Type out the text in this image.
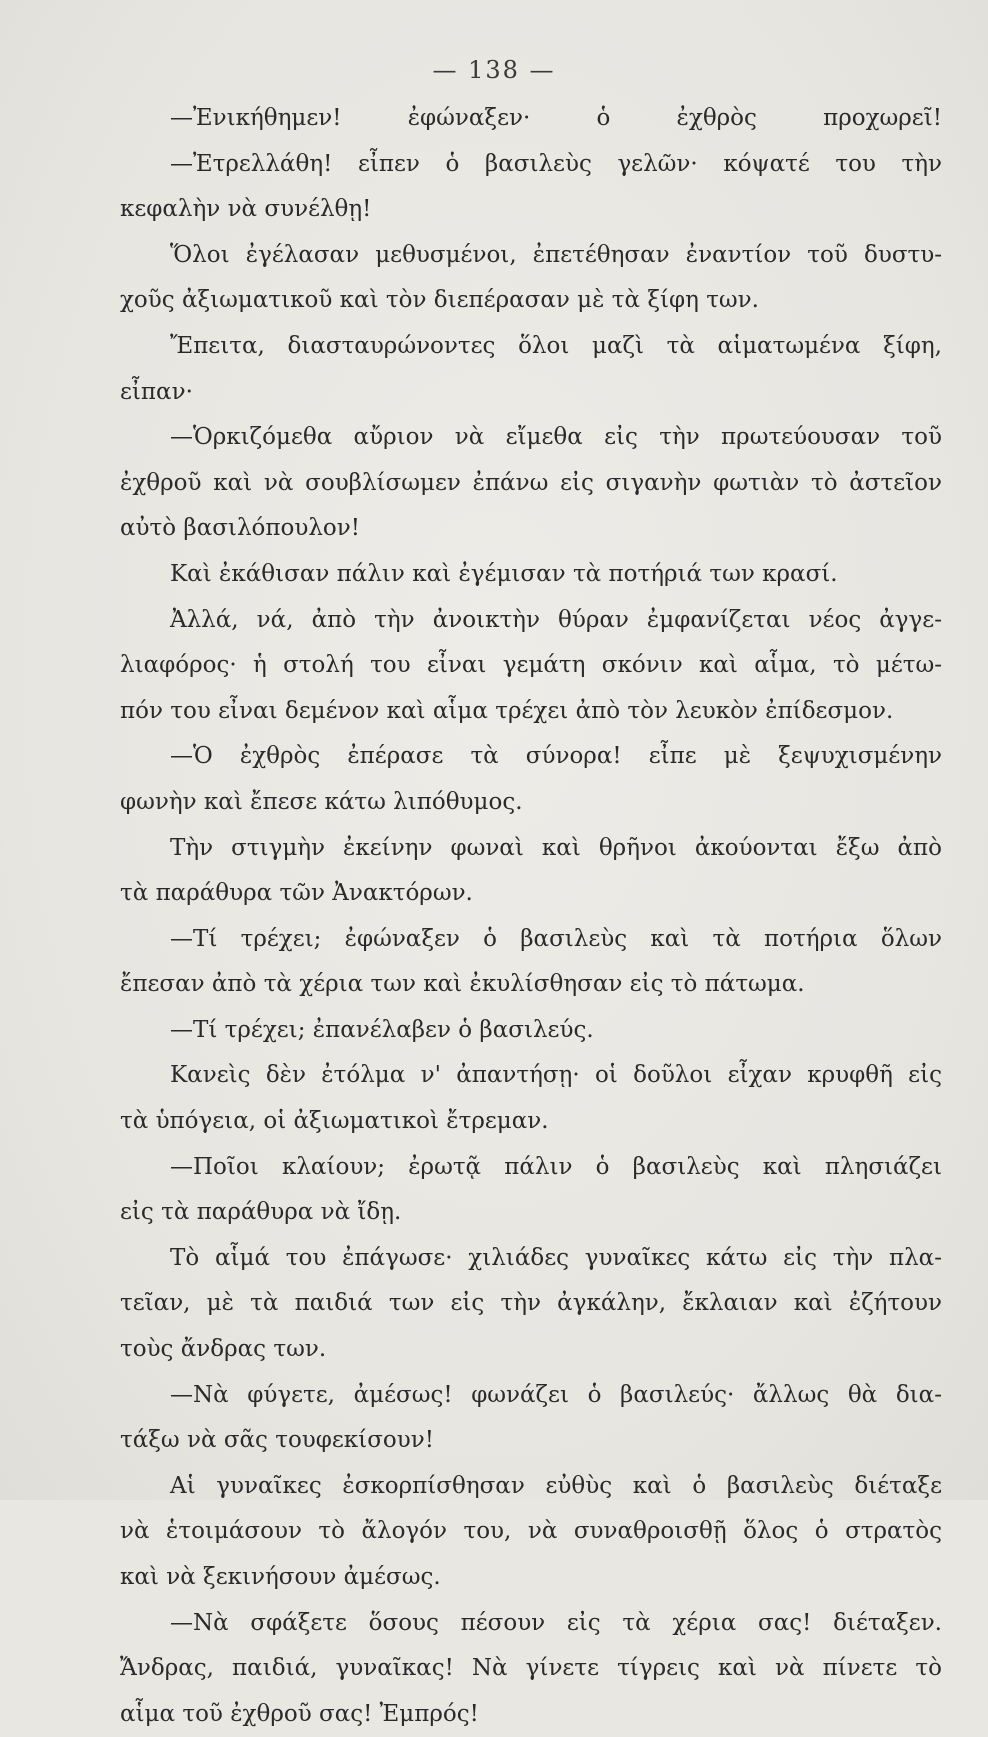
— 138 —
—Ἐνικήθημεν! ἐφώναξεν· ὁ ἐχθρὸς προχωρεῖ!
—Ἐτρελλάθη! εἶπεν ὁ βασιλεὺς γελῶν· κόψατέ του τὴν
κεφαλὴν νὰ συνέλθῃ!
Ὅλοι ἐγέλασαν μεθυσμένοι, ἐπετέθησαν ἐναντίον τοῦ δυστυ-
χοῦς ἀξιωματικοῦ καὶ τὸν διεπέρασαν μὲ τὰ ξίφη των.
Ἔπειτα, διασταυρώνοντες ὅλοι μαζὶ τὰ αἱματωμένα ξίφη,
εἶπαν·
—Ὁρκιζόμεθα αὔριον νὰ εἴμεθα εἰς τὴν πρωτεύουσαν τοῦ
ἐχθροῦ καὶ νὰ σουβλίσωμεν ἐπάνω εἰς σιγανὴν φωτιὰν τὸ ἀστεῖον
αὐτὸ βασιλόπουλον!
Καὶ ἐκάθισαν πάλιν καὶ ἐγέμισαν τὰ ποτήριά των κρασί.
Ἀλλά, νά, ἀπὸ τὴν ἀνοικτὴν θύραν ἐμφανίζεται νέος ἀγγε-
λιαφόρος· ἡ στολή του εἶναι γεμάτη σκόνιν καὶ αἷμα, τὸ μέτω-
πόν του εἶναι δεμένον καὶ αἷμα τρέχει ἀπὸ τὸν λευκὸν ἐπίδεσμον.
—Ὁ ἐχθρὸς ἐπέρασε τὰ σύνορα! εἶπε μὲ ξεψυχισμένην
φωνὴν καὶ ἔπεσε κάτω λιπόθυμος.
Τὴν στιγμὴν ἐκείνην φωναὶ καὶ θρῆνοι ἀκούονται ἔξω ἀπὸ
τὰ παράθυρα τῶν Ἀνακτόρων.
—Τί τρέχει; ἐφώναξεν ὁ βασιλεὺς καὶ τὰ ποτήρια ὅλων
ἔπεσαν ἀπὸ τὰ χέρια των καὶ ἐκυλίσθησαν εἰς τὸ πάτωμα.
—Τί τρέχει; ἐπανέλαβεν ὁ βασιλεύς.
Κανεὶς δὲν ἐτόλμα ν' ἀπαντήσῃ· οἱ δοῦλοι εἶχαν κρυφθῆ εἰς
τὰ ὑπόγεια, οἱ ἀξιωματικοὶ ἔτρεμαν.
—Ποῖοι κλαίουν; ἐρωτᾷ πάλιν ὁ βασιλεὺς καὶ πλησιάζει
εἰς τὰ παράθυρα νὰ ἴδῃ.
Τὸ αἷμά του ἐπάγωσε· χιλιάδες γυναῖκες κάτω εἰς τὴν πλα-
τεῖαν, μὲ τὰ παιδιά των εἰς τὴν ἀγκάλην, ἔκλαιαν καὶ ἐζήτουν
τοὺς ἄνδρας των.
—Νὰ φύγετε, ἀμέσως! φωνάζει ὁ βασιλεύς· ἄλλως θὰ δια-
τάξω νὰ σᾶς τουφεκίσουν!
Αἱ γυναῖκες ἐσκορπίσθησαν εὐθὺς καὶ ὁ βασιλεὺς διέταξε
νὰ ἑτοιμάσουν τὸ ἄλογόν του, νὰ συναθροισθῇ ὅλος ὁ στρατὸς
καὶ νὰ ξεκινήσουν ἀμέσως.
—Νὰ σφάξετε ὅσους πέσουν εἰς τὰ χέρια σας! διέταξεν.
Ἄνδρας, παιδιά, γυναῖκας! Νὰ γίνετε τίγρεις καὶ νὰ πίνετε τὸ
αἷμα τοῦ ἐχθροῦ σας! Ἐμπρός!
